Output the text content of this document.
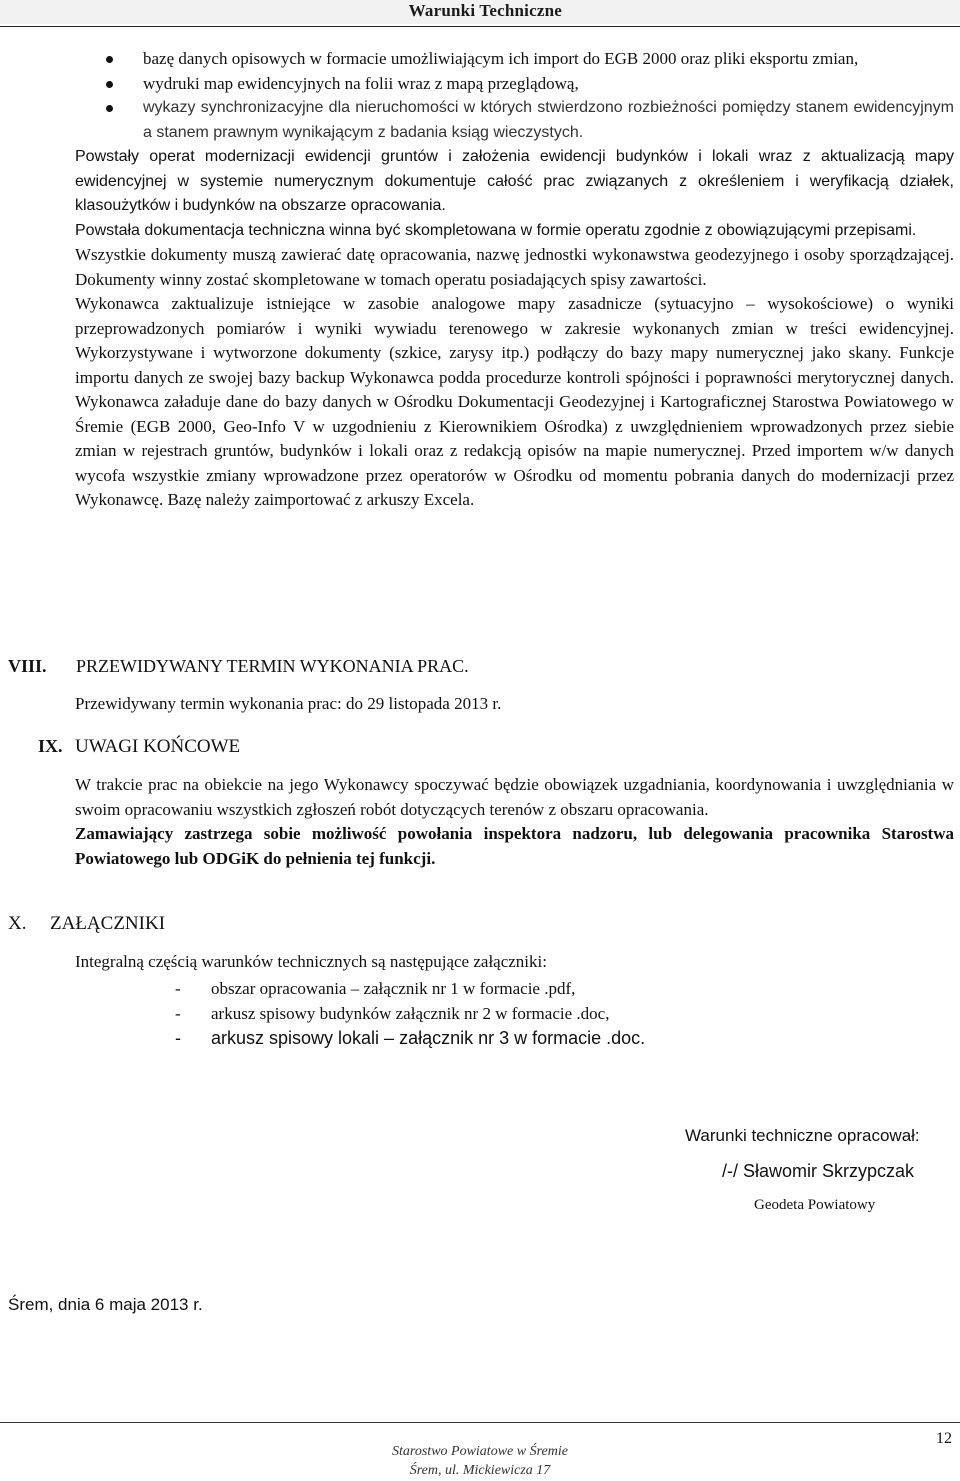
Warunki Techniczne
bazę danych opisowych w formacie umożliwiającym ich import do EGB 2000 oraz pliki eksportu zmian,
wydruki map ewidencyjnych na folii wraz z mapą przeglądową,
wykazy synchronizacyjne dla nieruchomości w których stwierdzono rozbieżności pomiędzy stanem ewidencyjnym a stanem prawnym wynikającym z badania ksiąg wieczystych.

Powstały operat modernizacji ewidencji gruntów i założenia ewidencji budynków i lokali wraz z aktualizacją mapy ewidencyjnej w systemie numerycznym dokumentuje całość prac związanych z określeniem i weryfikacją działek, klasoużytków i budynków na obszarze opracowania.

Powstała dokumentacja techniczna winna być skompletowana w formie operatu zgodnie z obowiązującymi przepisami.

Wszystkie dokumenty muszą zawierać datę opracowania, nazwę jednostki wykonawstwa geodezyjnego i osoby sporządzającej. Dokumenty winny zostać skompletowane w tomach operatu posiadających spisy zawartości.

Wykonawca zaktualizuje istniejące w zasobie analogowe mapy zasadnicze (sytuacyjno – wysokościowe) o wyniki przeprowadzonych pomiarów i wyniki wywiadu terenowego w zakresie wykonanych zmian w treści ewidencyjnej. Wykorzystywane i wytworzone dokumenty (szkice, zarysy itp.) podłączy do bazy mapy numerycznej jako skany. Funkcje importu danych ze swojej bazy backup Wykonawca podda procedurze kontroli spójności i poprawności merytorycznej danych. Wykonawca załaduje dane do bazy danych w Ośrodku Dokumentacji Geodezyjnej i Kartograficznej Starostwa Powiatowego w Śremie (EGB 2000, Geo-Info V w uzgodnieniu z Kierownikiem Ośrodka) z uwzględnieniem wprowadzonych przez siebie zmian w rejestrach gruntów, budynków i lokali oraz z redakcją opisów na mapie numerycznej. Przed importem w/w danych wycofa wszystkie zmiany wprowadzone przez operatorów w Ośrodku od momentu pobrania danych do modernizacji przez Wykonawcę. Bazę należy zaimportować z arkuszy Excela.

VIII. PRZEWIDYWANY TERMIN WYKONANIA PRAC.
Przewidywany termin wykonania prac: do 29 listopada 2013 r.
IX. UWAGI KOŃCOWE

W trakcie prac na obiekcie na jego Wykonawcy spoczywać będzie obowiązek uzgadniania, koordynowania i uwzględniania w swoim opracowaniu wszystkich zgłoszeń robót dotyczących terenów z obszaru opracowania.

Zamawiający zastrzega sobie możliwość powołania inspektora nadzoru, lub delegowania pracownika Starostwa Powiatowego lub ODGiK do pełnienia tej funkcji.

X. ZAŁĄCZNIKI
Integralną częścią warunków technicznych są następujące załączniki:
- obszar opracowania – załącznik nr 1 w formacie .pdf,
- arkusz spisowy budynków załącznik nr 2 w formacie .doc,
- arkusz spisowy lokali – załącznik nr 3 w formacie .doc.
Warunki techniczne opracował:
/-/ Sławomir Skrzypczak
Geodeta Powiatowy
Śrem, dnia 6 maja 2013 r.
12
Starostwo Powiatowe w Śremie
Śrem, ul. Mickiewicza 17
